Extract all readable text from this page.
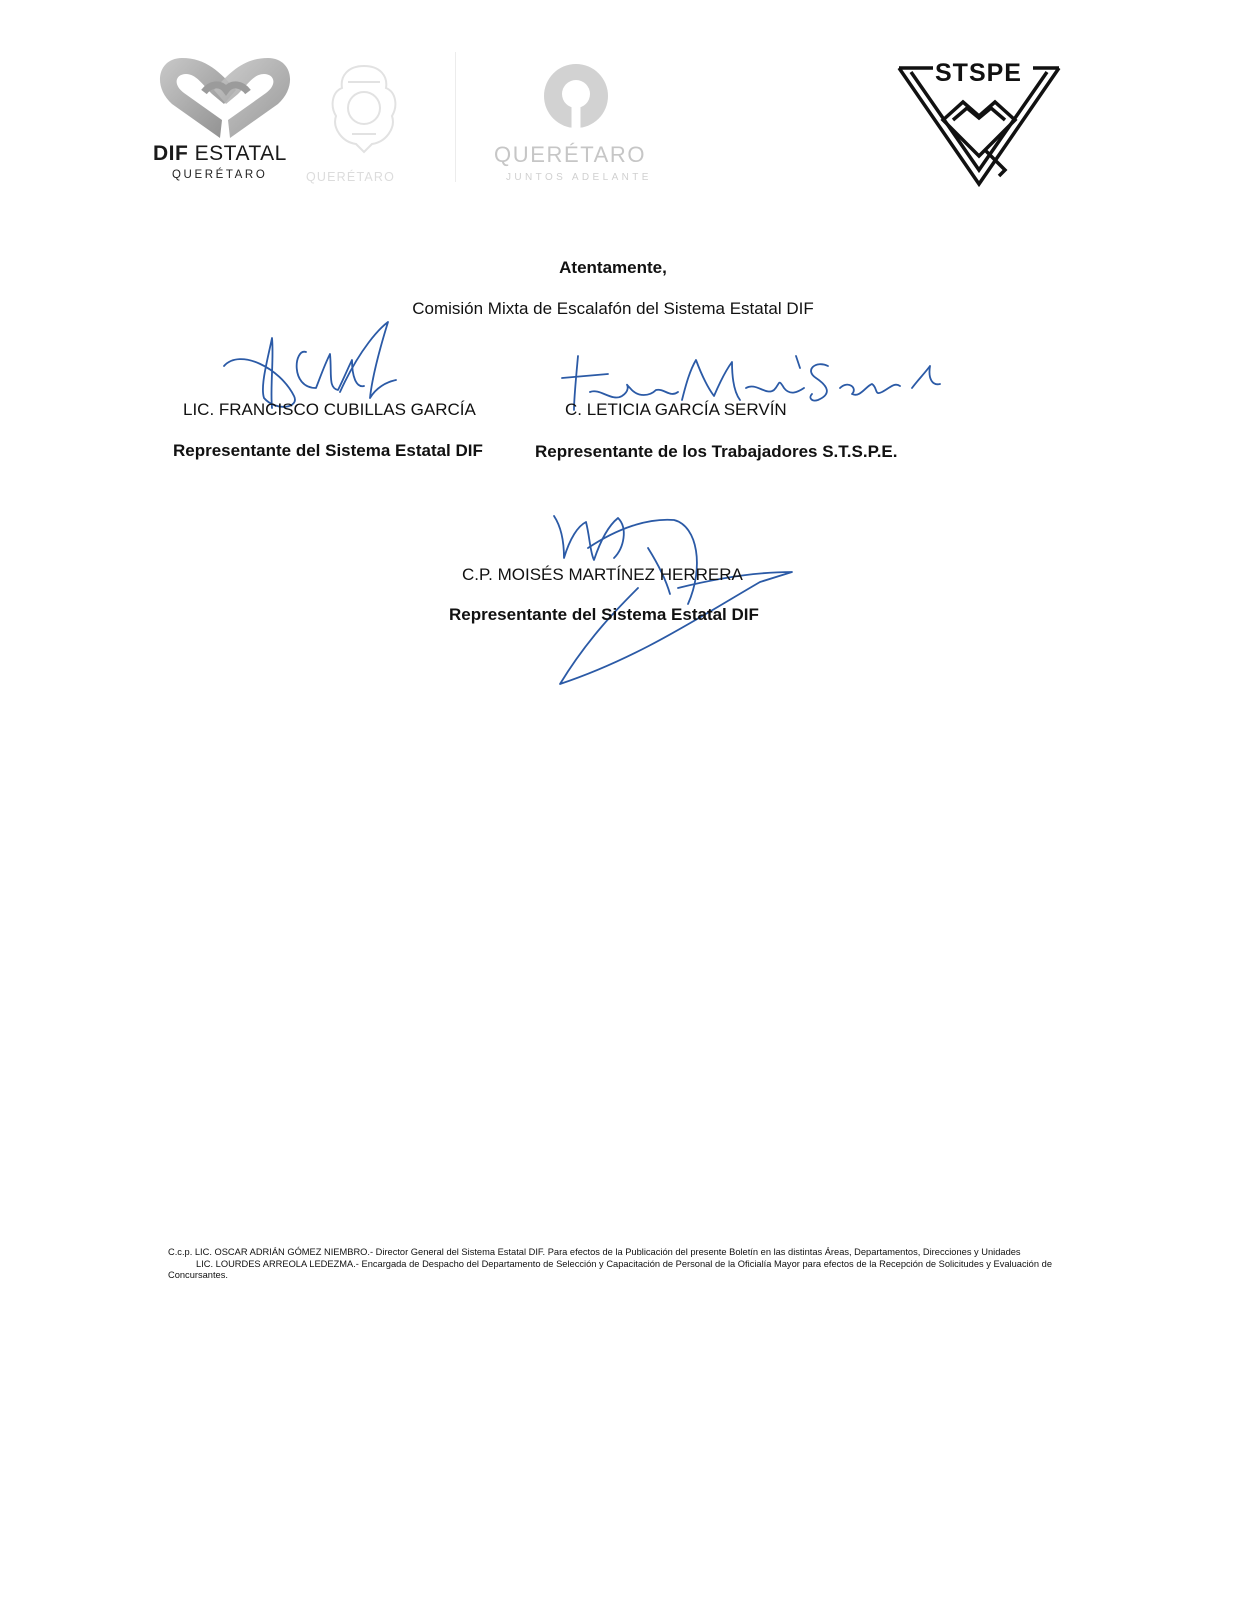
DIF ESTATAL
QUERÉTARO	QUERÉTARO
QUERÉTARO
JUNTOS ADELANTE
STSPE
Atentamente,
Comisión Mixta de Escalafón del Sistema Estatal DIF
LIC. FRANCISCO CUBILLAS GARCÍA
Representante del Sistema Estatal DIF
C. LETICIA GARCÍA SERVÍN
Representante de los Trabajadores S.T.S.P.E.
C.P. MOISÉS MARTÍNEZ HERRERA
Representante del Sistema Estatal DIF

C.c.p. LIC. OSCAR ADRIÁN GÓMEZ NIEMBRO.- Director General del Sistema Estatal DIF. Para efectos de la Publicación del presente Boletín en las distintas Áreas, Departamentos, Direcciones y Unidades

LIC. LOURDES ARREOLA LEDEZMA.- Encargada de Despacho del Departamento de Selección y Capacitación de Personal de la Oficialía Mayor para efectos de la Recepción de Solicitudes y Evaluación de Concursantes.
